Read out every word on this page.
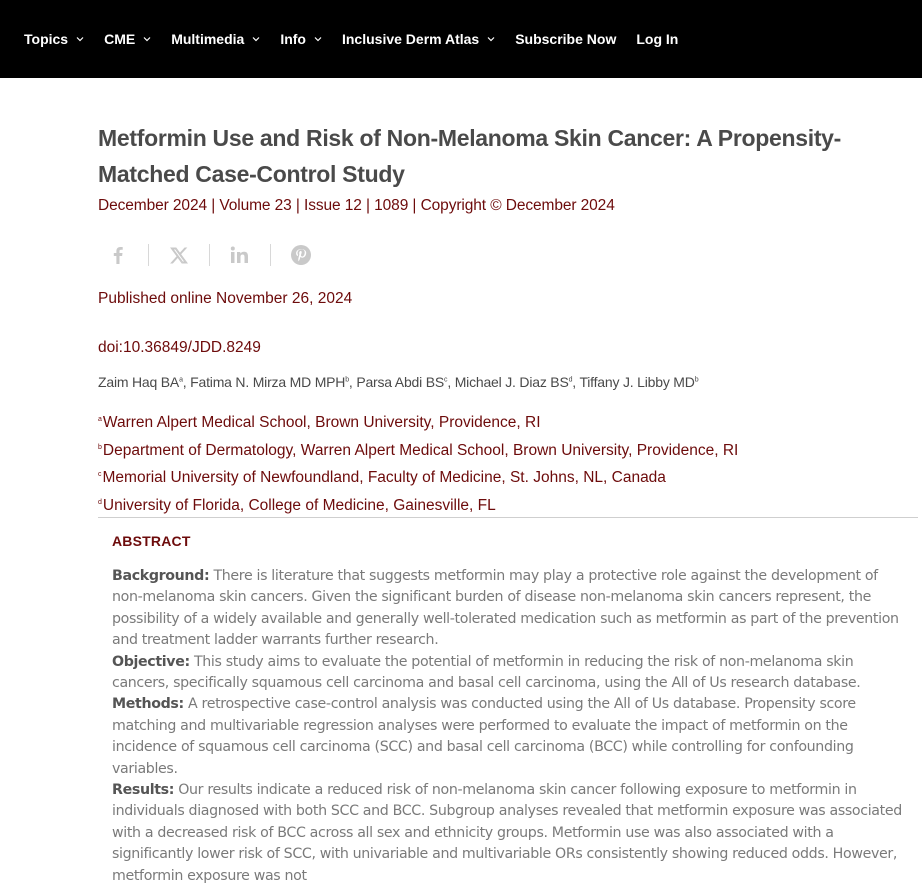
Topics	CME	Multimedia	Info	Inclusive Derm Atlas	Subscribe Now Log In
Metformin Use and Risk of Non-Melanoma Skin Cancer: A Propensity-Matched Case-Control Study
December 2024 | Volume 23 | Issue 12 | 1089 | Copyright © December 2024
Published online November 26, 2024
doi:10.36849/JDD.8249
Zaim Haq $BA^a$, Fatima N. Mirza MD MPH$^b$, Parsa Abdi $BS^c$, Michael J. Diaz $BS^d$, Tiffany J. Libby $MD^b$
$^a$Warren Alpert Medical School, Brown University, Providence, RI
$^b$Department of Dermatology, Warren Alpert Medical School, Brown University, Providence, RI
$^c$Memorial University of Newfoundland, Faculty of Medicine, St. Johns, NL, Canada
$^d$University of Florida, College of Medicine, Gainesville, FL
ABSTRACT

Background: There is literature that suggests metformin may play a protective role against the development of non-melanoma skin cancers. Given the significant burden of disease non-melanoma skin cancers represent, the possibility of a widely available and generally well-tolerated medication such as metformin as part of the prevention and treatment ladder warrants further research.

Objective: This study aims to evaluate the potential of metformin in reducing the risk of non-melanoma skin cancers, specifically squamous cell carcinoma and basal cell carcinoma, using the All of Us research database.

Methods: A retrospective case-control analysis was conducted using the All of Us database. Propensity score matching and multivariable regression analyses were performed to evaluate the impact of metformin on the incidence of squamous cell carcinoma (SCC) and basal cell carcinoma (BCC) while controlling for confounding variables.

Results: Our results indicate a reduced risk of non-melanoma skin cancer following exposure to metformin in individuals diagnosed with both SCC and BCC. Subgroup analyses revealed that metformin exposure was associated with a decreased risk of BCC across all sex and ethnicity groups. Metformin use was also associated with a significantly lower risk of SCC, with univariable and multivariable ORs consistently showing reduced odds. However, metformin exposure was not
